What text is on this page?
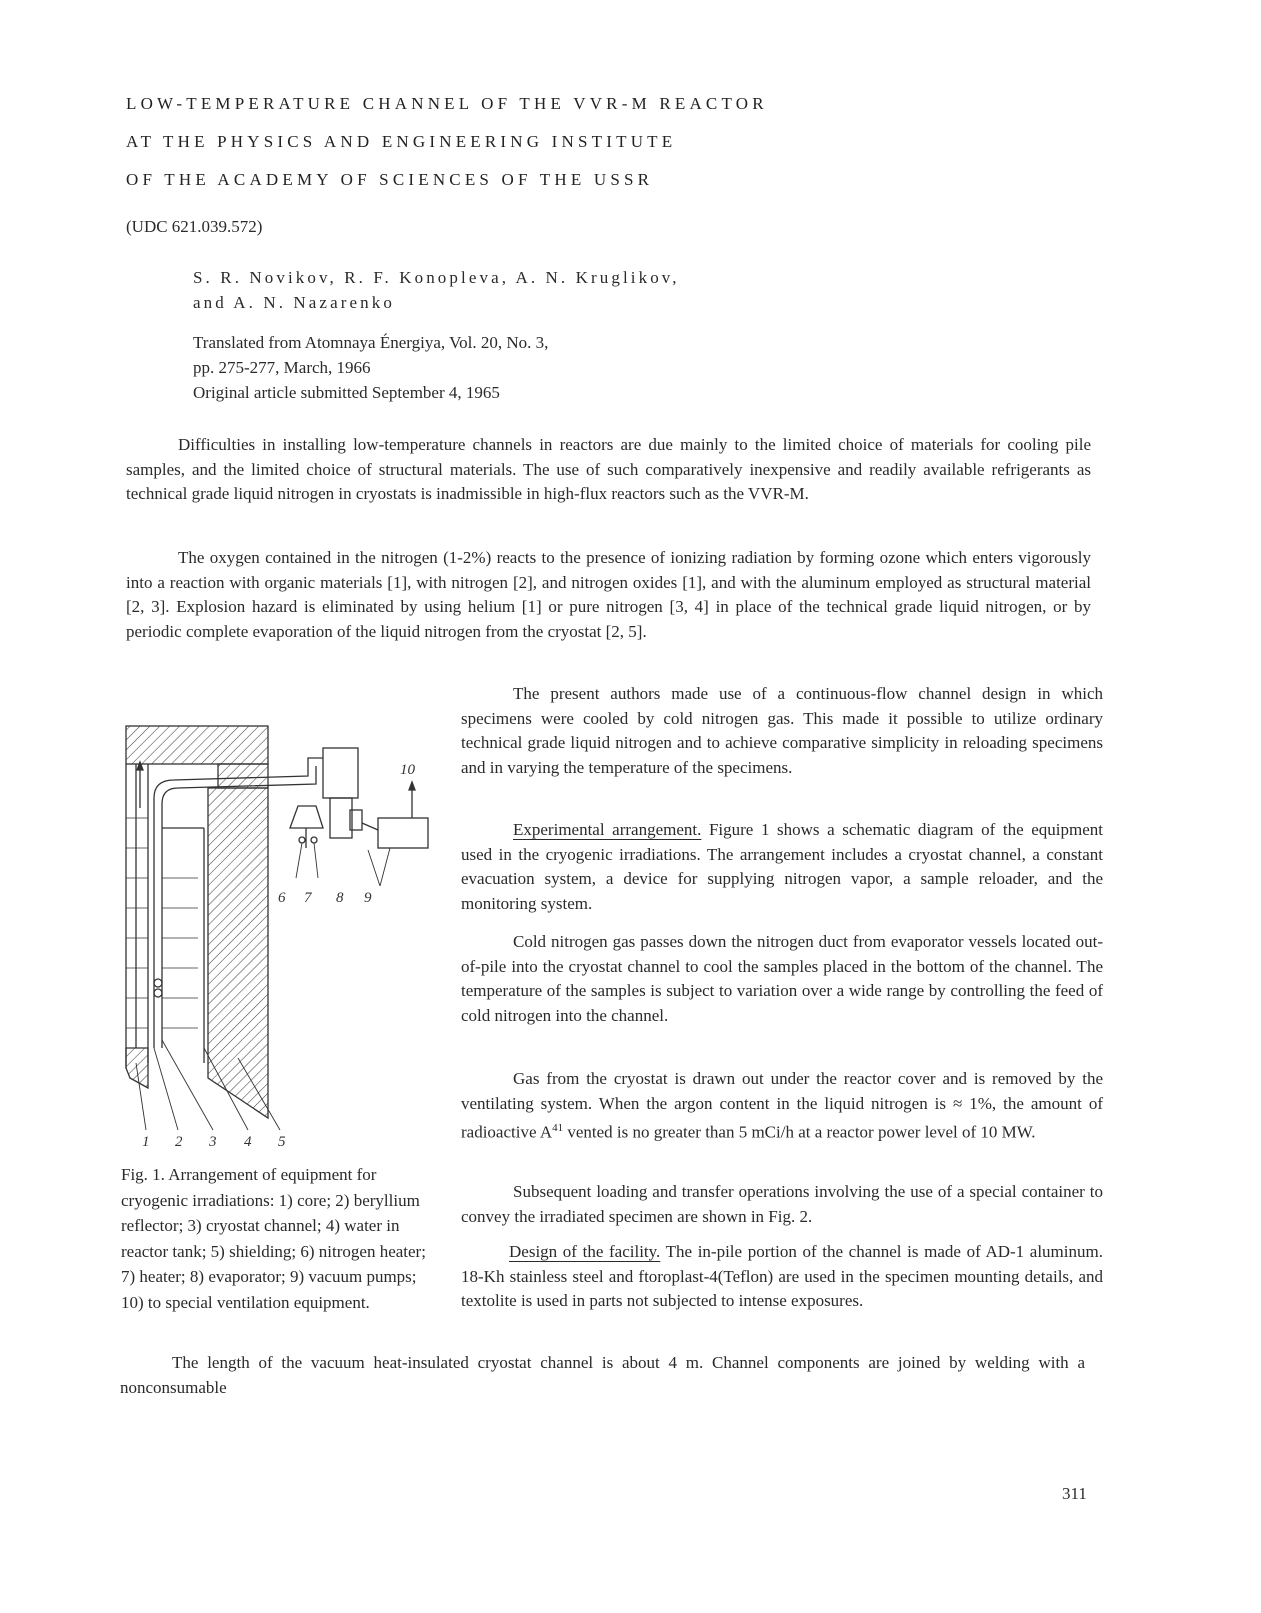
LOW-TEMPERATURE CHANNEL OF THE VVR-M REACTOR
AT THE PHYSICS AND ENGINEERING INSTITUTE
OF THE ACADEMY OF SCIENCES OF THE USSR
(UDC 621.039.572)
S. R. Novikov, R. F. Konopleva, A. N. Kruglikov,
and A. N. Nazarenko
Translated from Atomnaya Énergiya, Vol. 20, No. 3,
pp. 275-277, March, 1966
Original article submitted September 4, 1965

Difficulties in installing low-temperature channels in reactors are due mainly to the limited choice of materials for cooling pile samples, and the limited choice of structural materials. The use of such comparatively inexpensive and readily available refrigerants as technical grade liquid nitrogen in cryostats is inadmissible in high-flux reactors such as the VVR-M.

The oxygen contained in the nitrogen (1-2%) reacts to the presence of ionizing radiation by forming ozone which enters vigorously into a reaction with organic materials [1], with nitrogen [2], and nitrogen oxides [1], and with the aluminum employed as structural material [2, 3]. Explosion hazard is eliminated by using helium [1] or pure nitrogen [3, 4] in place of the technical grade liquid nitrogen, or by periodic complete evaporation of the liquid nitrogen from the cryostat [2, 5].

The present authors made use of a continuous-flow channel design in which specimens were cooled by cold nitrogen gas. This made it possible to utilize ordinary technical grade liquid nitrogen and to achieve comparative simplicity in reloading specimens and in varying the temperature of the specimens.

Experimental arrangement. Figure 1 shows a schematic diagram of the equipment used in the cryogenic irradiations. The arrangement includes a cryostat channel, a constant evacuation system, a device for supplying nitrogen vapor, a sample reloader, and the monitoring system.

Cold nitrogen gas passes down the nitrogen duct from evaporator vessels located out-of-pile into the cryostat channel to cool the samples placed in the bottom of the channel. The temperature of the samples is subject to variation over a wide range by controlling the feed of cold nitrogen into the channel.

Gas from the cryostat is drawn out under the reactor cover and is removed by the ventilating system. When the argon content in the liquid nitrogen is ≈ 1%, the amount of radioactive $A^{41}$ vented is no greater than 5 mCi/h at a reactor power level of 10 MW.

Subsequent loading and transfer operations involving the use of a special container to convey the irradiated specimen are shown in Fig. 2.

Design of the facility. The in-pile portion of the channel is made of AD-1 aluminum. 18-Kh stainless steel and ftoroplast-4(Teflon) are used in the specimen mounting details, and textolite is used in parts not subjected to intense exposures.

The length of the vacuum heat-insulated cryostat channel is about 4 m. Channel components are joined by welding with a nonconsumable

1 2 3 4 5
6 7 8 9
10
Fig. 1. Arrangement of equipment for cryogenic irradiations: 1) core; 2) beryllium reflector; 3) cryostat channel; 4) water in reactor tank; 5) shielding; 6) nitrogen heater; 7) heater; 8) evaporator; 9) vacuum pumps; 10) to special ventilation equipment.
311
